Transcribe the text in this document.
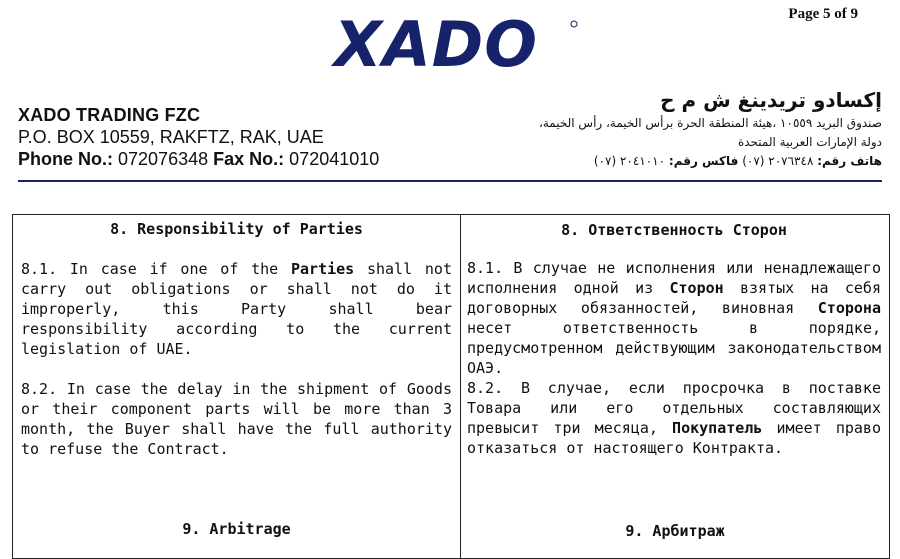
Page 5 of 9
XADO
XADO TRADING FZC
P.O. BOX 10559, RAKFTZ, RAK, UAE
Phone No.: 072076348 Fax No.: 072041010
إكسادو تريدينغ ش م ح
صندوق البريد ١٠٥٥٩ ،هيئة المنطقة الحرة برأس الخيمة، رأس الخيمة،
دولة الإمارات العربية المتحدة
هاتف رقم: (٠٧) ٢٠٧٦٣٤٨ فاكس رقم: (٠٧) ٢٠٤١٠١٠
8. Responsibility of Parties
8.1. In case if one of the Parties shall not carry out obligations or shall not do it improperly, this Party shall bear responsibility according to the current legislation of UAE.
8.2. In case the delay in the shipment of Goods or their component parts will be more than 3 month, the Buyer shall have the full authority to refuse the Contract.
9. Arbitrage
8. Ответственность Сторон
8.1. В случае не исполнения или ненадлежащего исполнения одной из Сторон взятых на себя договорных обязанностей, виновная Сторона несет ответственность в порядке, предусмотренном действующим законодательством ОАЭ.
8.2. В случае, если просрочка в поставке Товара или его отдельных составляющих превысит три месяца, Покупатель имеет право отказаться от настоящего Контракта.
9. Арбитраж
